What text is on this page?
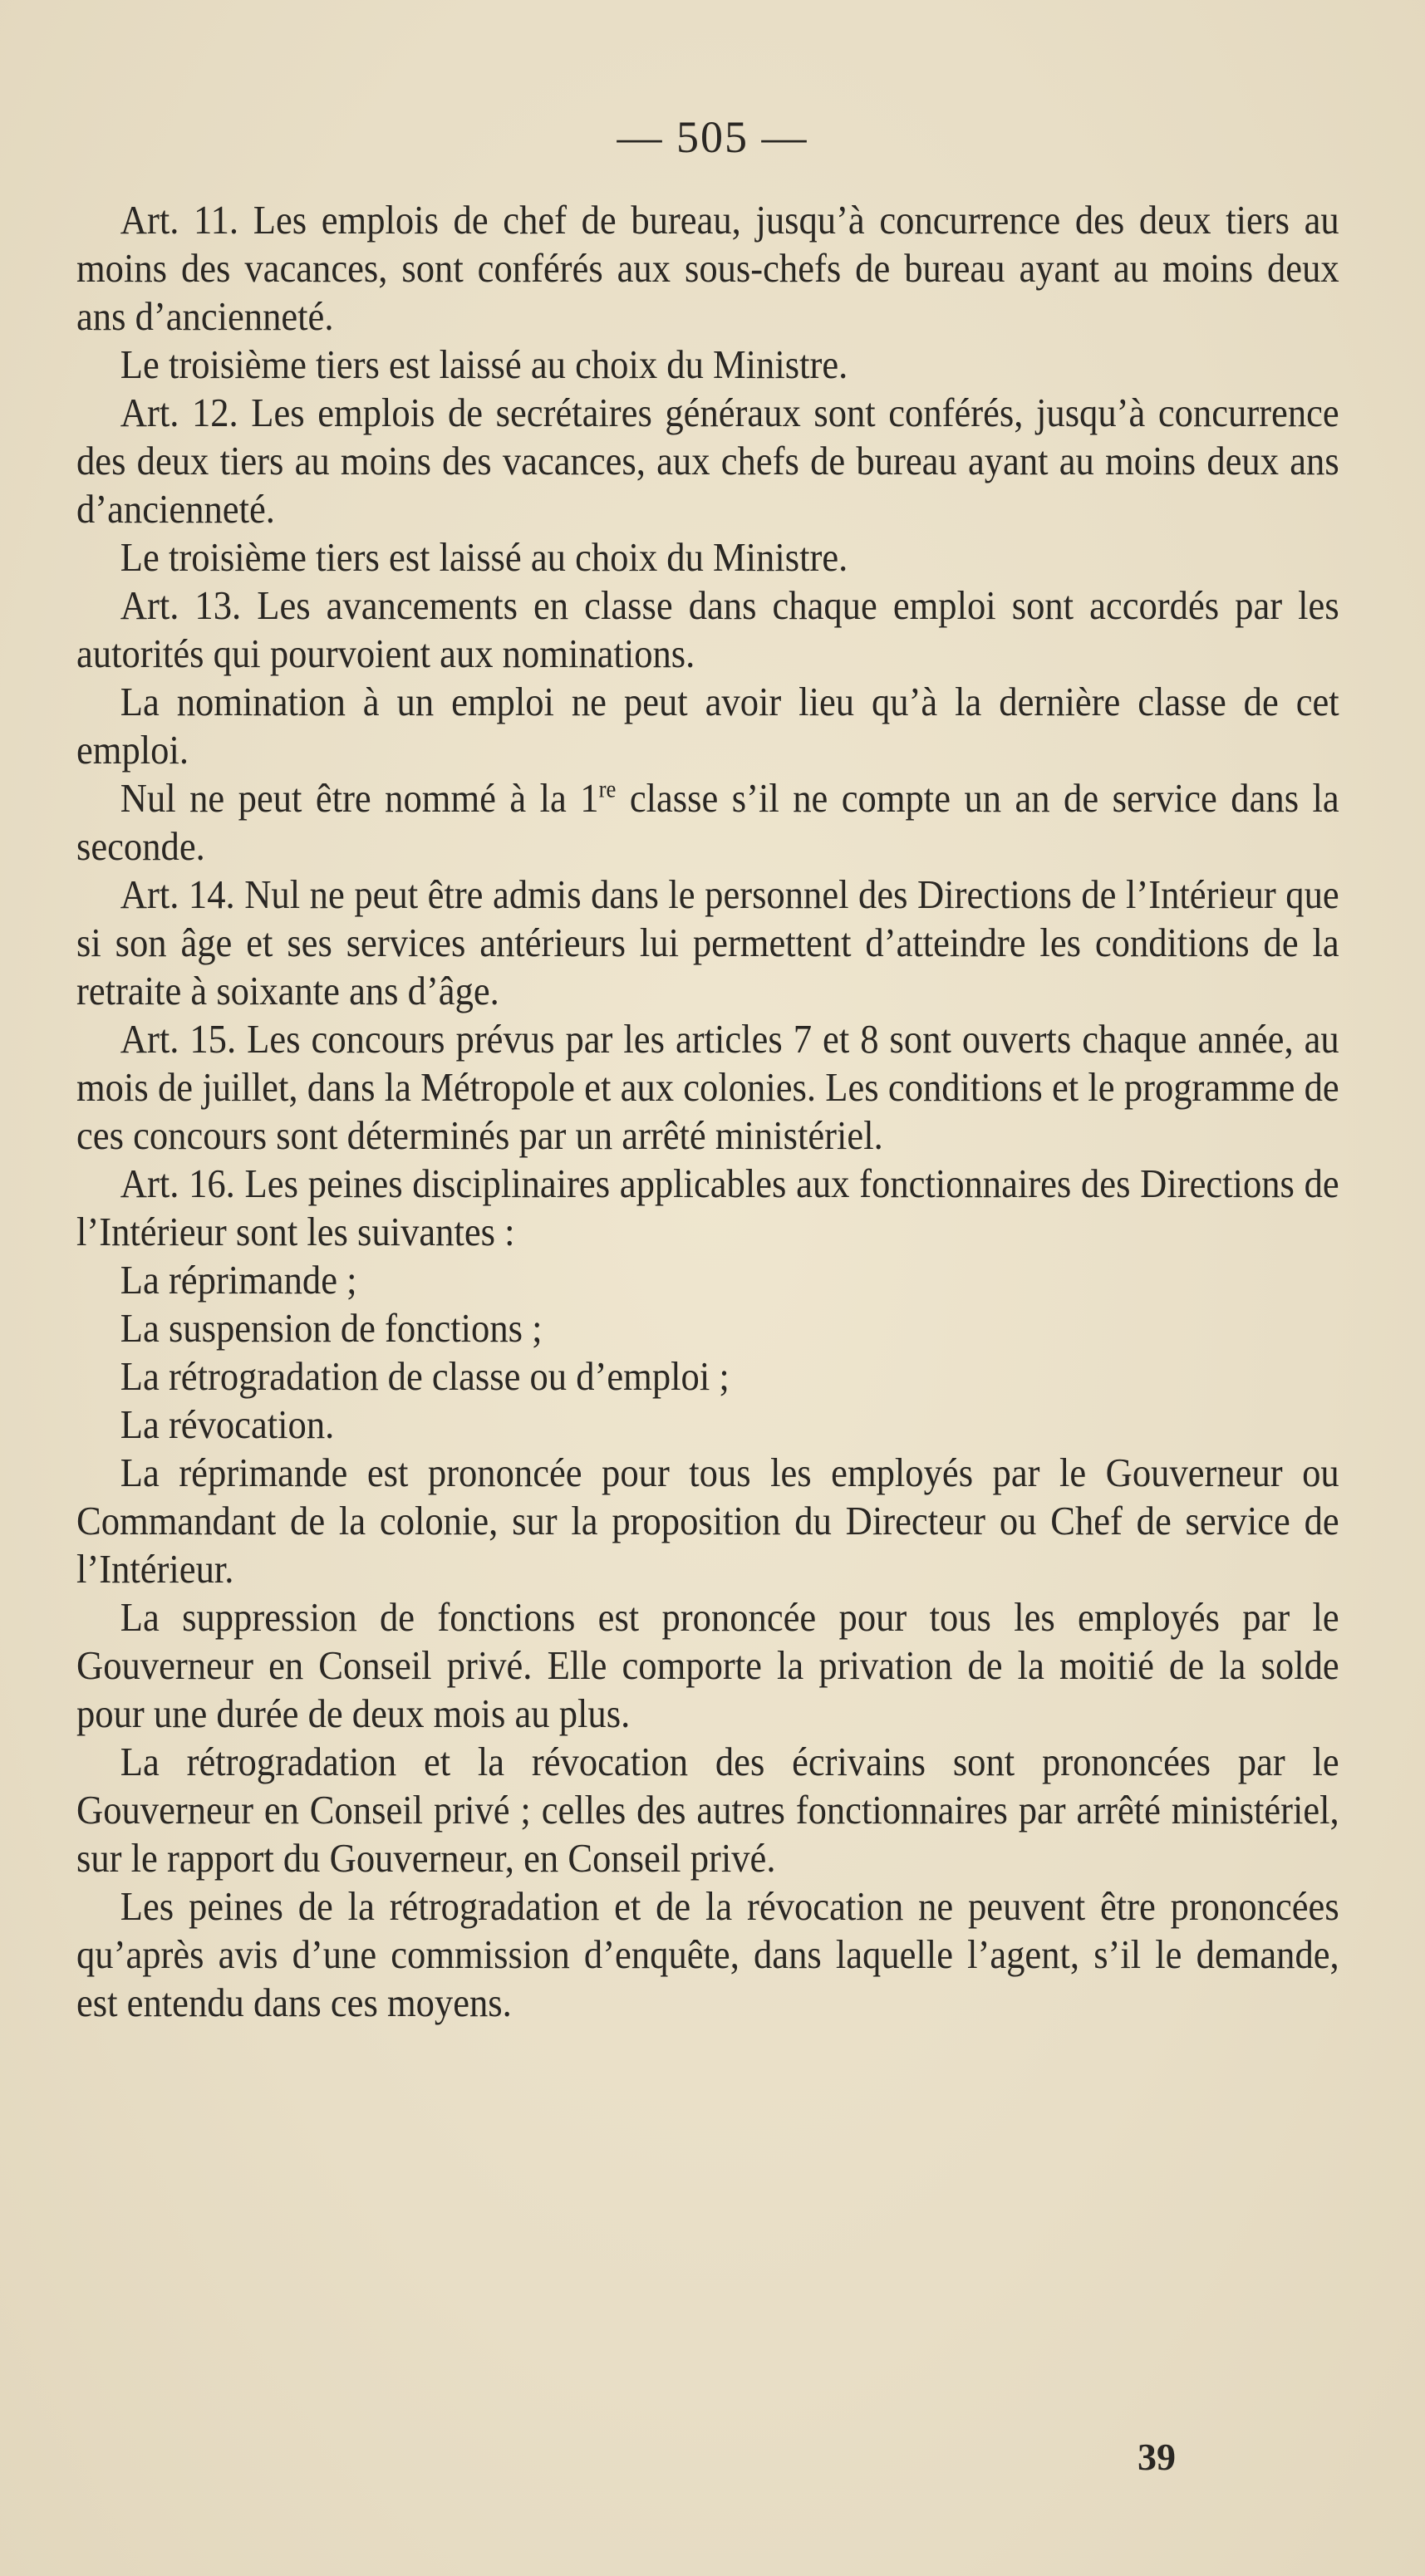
— 505 —

Art. 11. Les emplois de chef de bureau, jusqu’à concurrence des deux tiers au moins des vacances, sont conférés aux sous-chefs de bureau ayant au moins deux ans d’ancienneté.

Le troisième tiers est laissé au choix du Ministre.

Art. 12. Les emplois de secrétaires généraux sont conférés, jusqu’à concurrence des deux tiers au moins des vacances, aux chefs de bureau ayant au moins deux ans d’ancienneté.

Le troisième tiers est laissé au choix du Ministre.

Art. 13. Les avancements en classe dans chaque emploi sont accordés par les autorités qui pourvoient aux nominations.

La nomination à un emploi ne peut avoir lieu qu’à la dernière classe de cet emploi.

Nul ne peut être nommé à la 1re classe s’il ne compte un an de service dans la seconde.

Art. 14. Nul ne peut être admis dans le personnel des Directions de l’Intérieur que si son âge et ses services antérieurs lui permettent d’atteindre les conditions de la retraite à soixante ans d’âge.

Art. 15. Les concours prévus par les articles 7 et 8 sont ouverts chaque année, au mois de juillet, dans la Métropole et aux colonies. Les conditions et le programme de ces concours sont déterminés par un arrêté ministériel.

Art. 16. Les peines disciplinaires applicables aux fonctionnaires des Directions de l’Intérieur sont les suivantes :

La réprimande ;

La suspension de fonctions ;

La rétrogradation de classe ou d’emploi ;

La révocation.

La réprimande est prononcée pour tous les employés par le Gouverneur ou Commandant de la colonie, sur la proposition du Directeur ou Chef de service de l’Intérieur.

La suppression de fonctions est prononcée pour tous les employés par le Gouverneur en Conseil privé. Elle comporte la privation de la moitié de la solde pour une durée de deux mois au plus.

La rétrogradation et la révocation des écrivains sont prononcées par le Gouverneur en Conseil privé ; celles des autres fonctionnaires par arrêté ministériel, sur le rapport du Gouverneur, en Conseil privé.

Les peines de la rétrogradation et de la révocation ne peuvent être prononcées qu’après avis d’une commission d’enquête, dans laquelle l’agent, s’il le demande, est entendu dans ces moyens.

39
